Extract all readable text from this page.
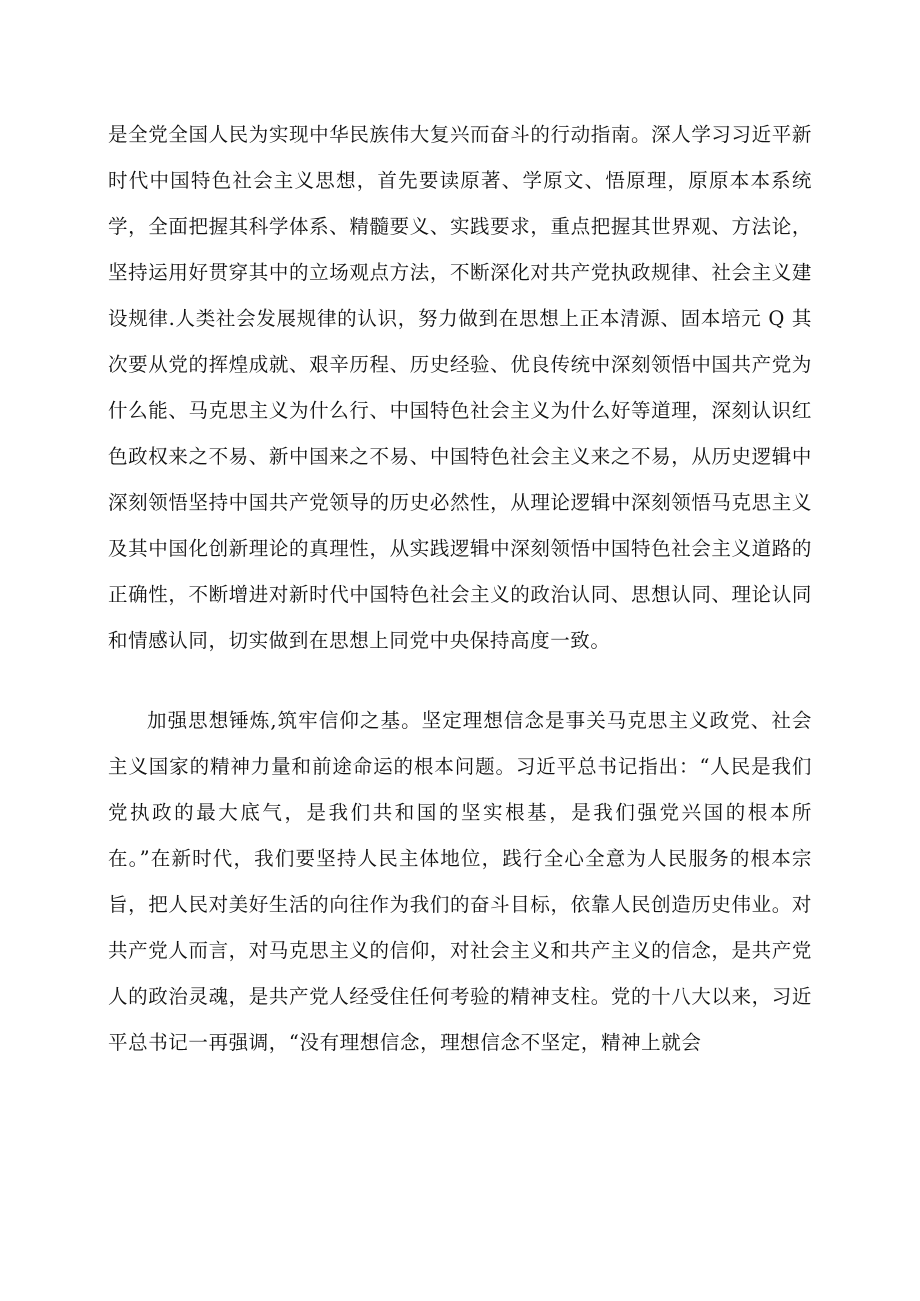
是全党全国人民为实现中华民族伟大复兴而奋斗的行动指南。深人学习习近平新时代中国特色社会主义思想，首先要读原著、学原文、悟原理，原原本本系统学，全面把握其科学体系、精髓要义、实践要求，重点把握其世界观、方法论，坚持运用好贯穿其中的立场观点方法，不断深化对共产党执政规律、社会主义建设规律.人类社会发展规律的认识，努力做到在思想上正本清源、固本培元 Q 其次要从党的挥煌成就、艰辛历程、历史经验、优良传统中深刻领悟中国共产党为什么能、马克思主义为什么行、中国特色社会主义为什么好等道理，深刻认识红色政权来之不易、新中国来之不易、中国特色社会主义来之不易，从历史逻辑中深刻领悟坚持中国共产党领导的历史必然性，从理论逻辑中深刻领悟马克思主义及其中国化创新理论的真理性，从实践逻辑中深刻领悟中国特色社会主义道路的正确性，不断增进对新时代中国特色社会主义的政治认同、思想认同、理论认同和情感认同，切实做到在思想上同党中央保持高度一致。

加强思想锤炼,筑牢信仰之基。坚定理想信念是事关马克思主义政党、社会主义国家的精神力量和前途命运的根本问题。习近平总书记指出：“人民是我们党执政的最大底气，是我们共和国的坚实根基，是我们强党兴国的根本所在。”在新时代，我们要坚持人民主体地位，践行全心全意为人民服务的根本宗旨，把人民对美好生活的向往作为我们的奋斗目标，依靠人民创造历史伟业。对共产党人而言，对马克思主义的信仰，对社会主义和共产主义的信念，是共产党人的政治灵魂，是共产党人经受住任何考验的精神支柱。党的十八大以来，习近平总书记一再强调，“没有理想信念，理想信念不坚定，精神上就会
